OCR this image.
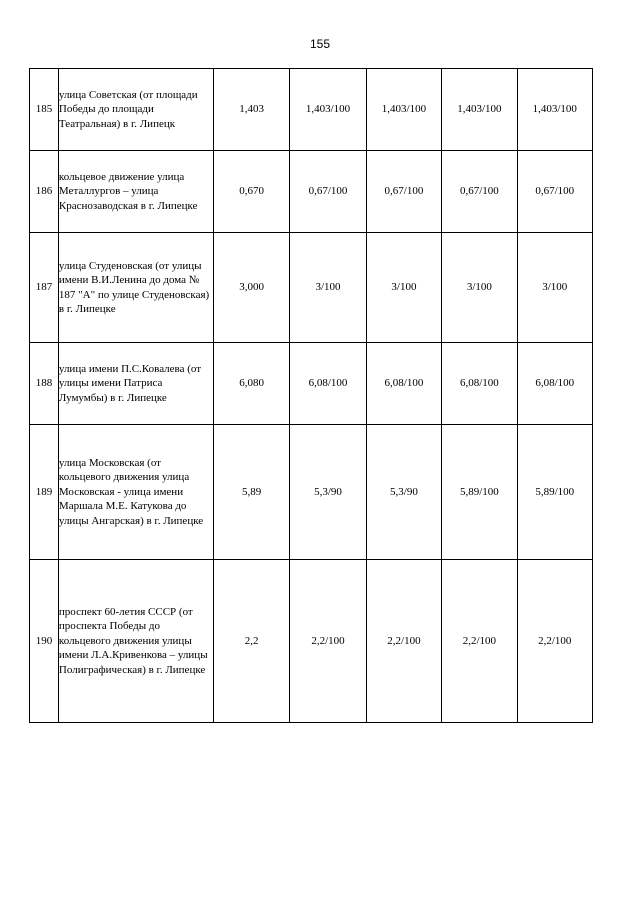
155
185	улица Советская (от площади Победы до площади Театральная) в г. Липецк	1,403	1,403/100	1,403/100	1,403/100	1,403/100
186	кольцевое движение улица Металлургов – улица Краснозаводская в г. Липецке	0,670	0,67/100	0,67/100	0,67/100	0,67/100
187	улица Студеновская (от улицы имени В.И.Ленина до дома № 187 "А" по улице Студеновская) в г. Липецке	3,000	3/100	3/100	3/100	3/100
188	улица имени П.С.Ковалева (от улицы имени Патриса Лумумбы) в г. Липецке	6,080	6,08/100	6,08/100	6,08/100	6,08/100
189	улица Московская (от кольцевого движения улица Московская - улица имени Маршала М.Е. Катукова до улицы Ангарская) в г. Липецке	5,89	5,3/90	5,3/90	5,89/100	5,89/100
190	проспект 60-летия СССР (от проспекта Победы до кольцевого движения улицы имени Л.А.Кривенкова – улицы Полиграфическая) в г. Липецке	2,2	2,2/100	2,2/100	2,2/100	2,2/100
